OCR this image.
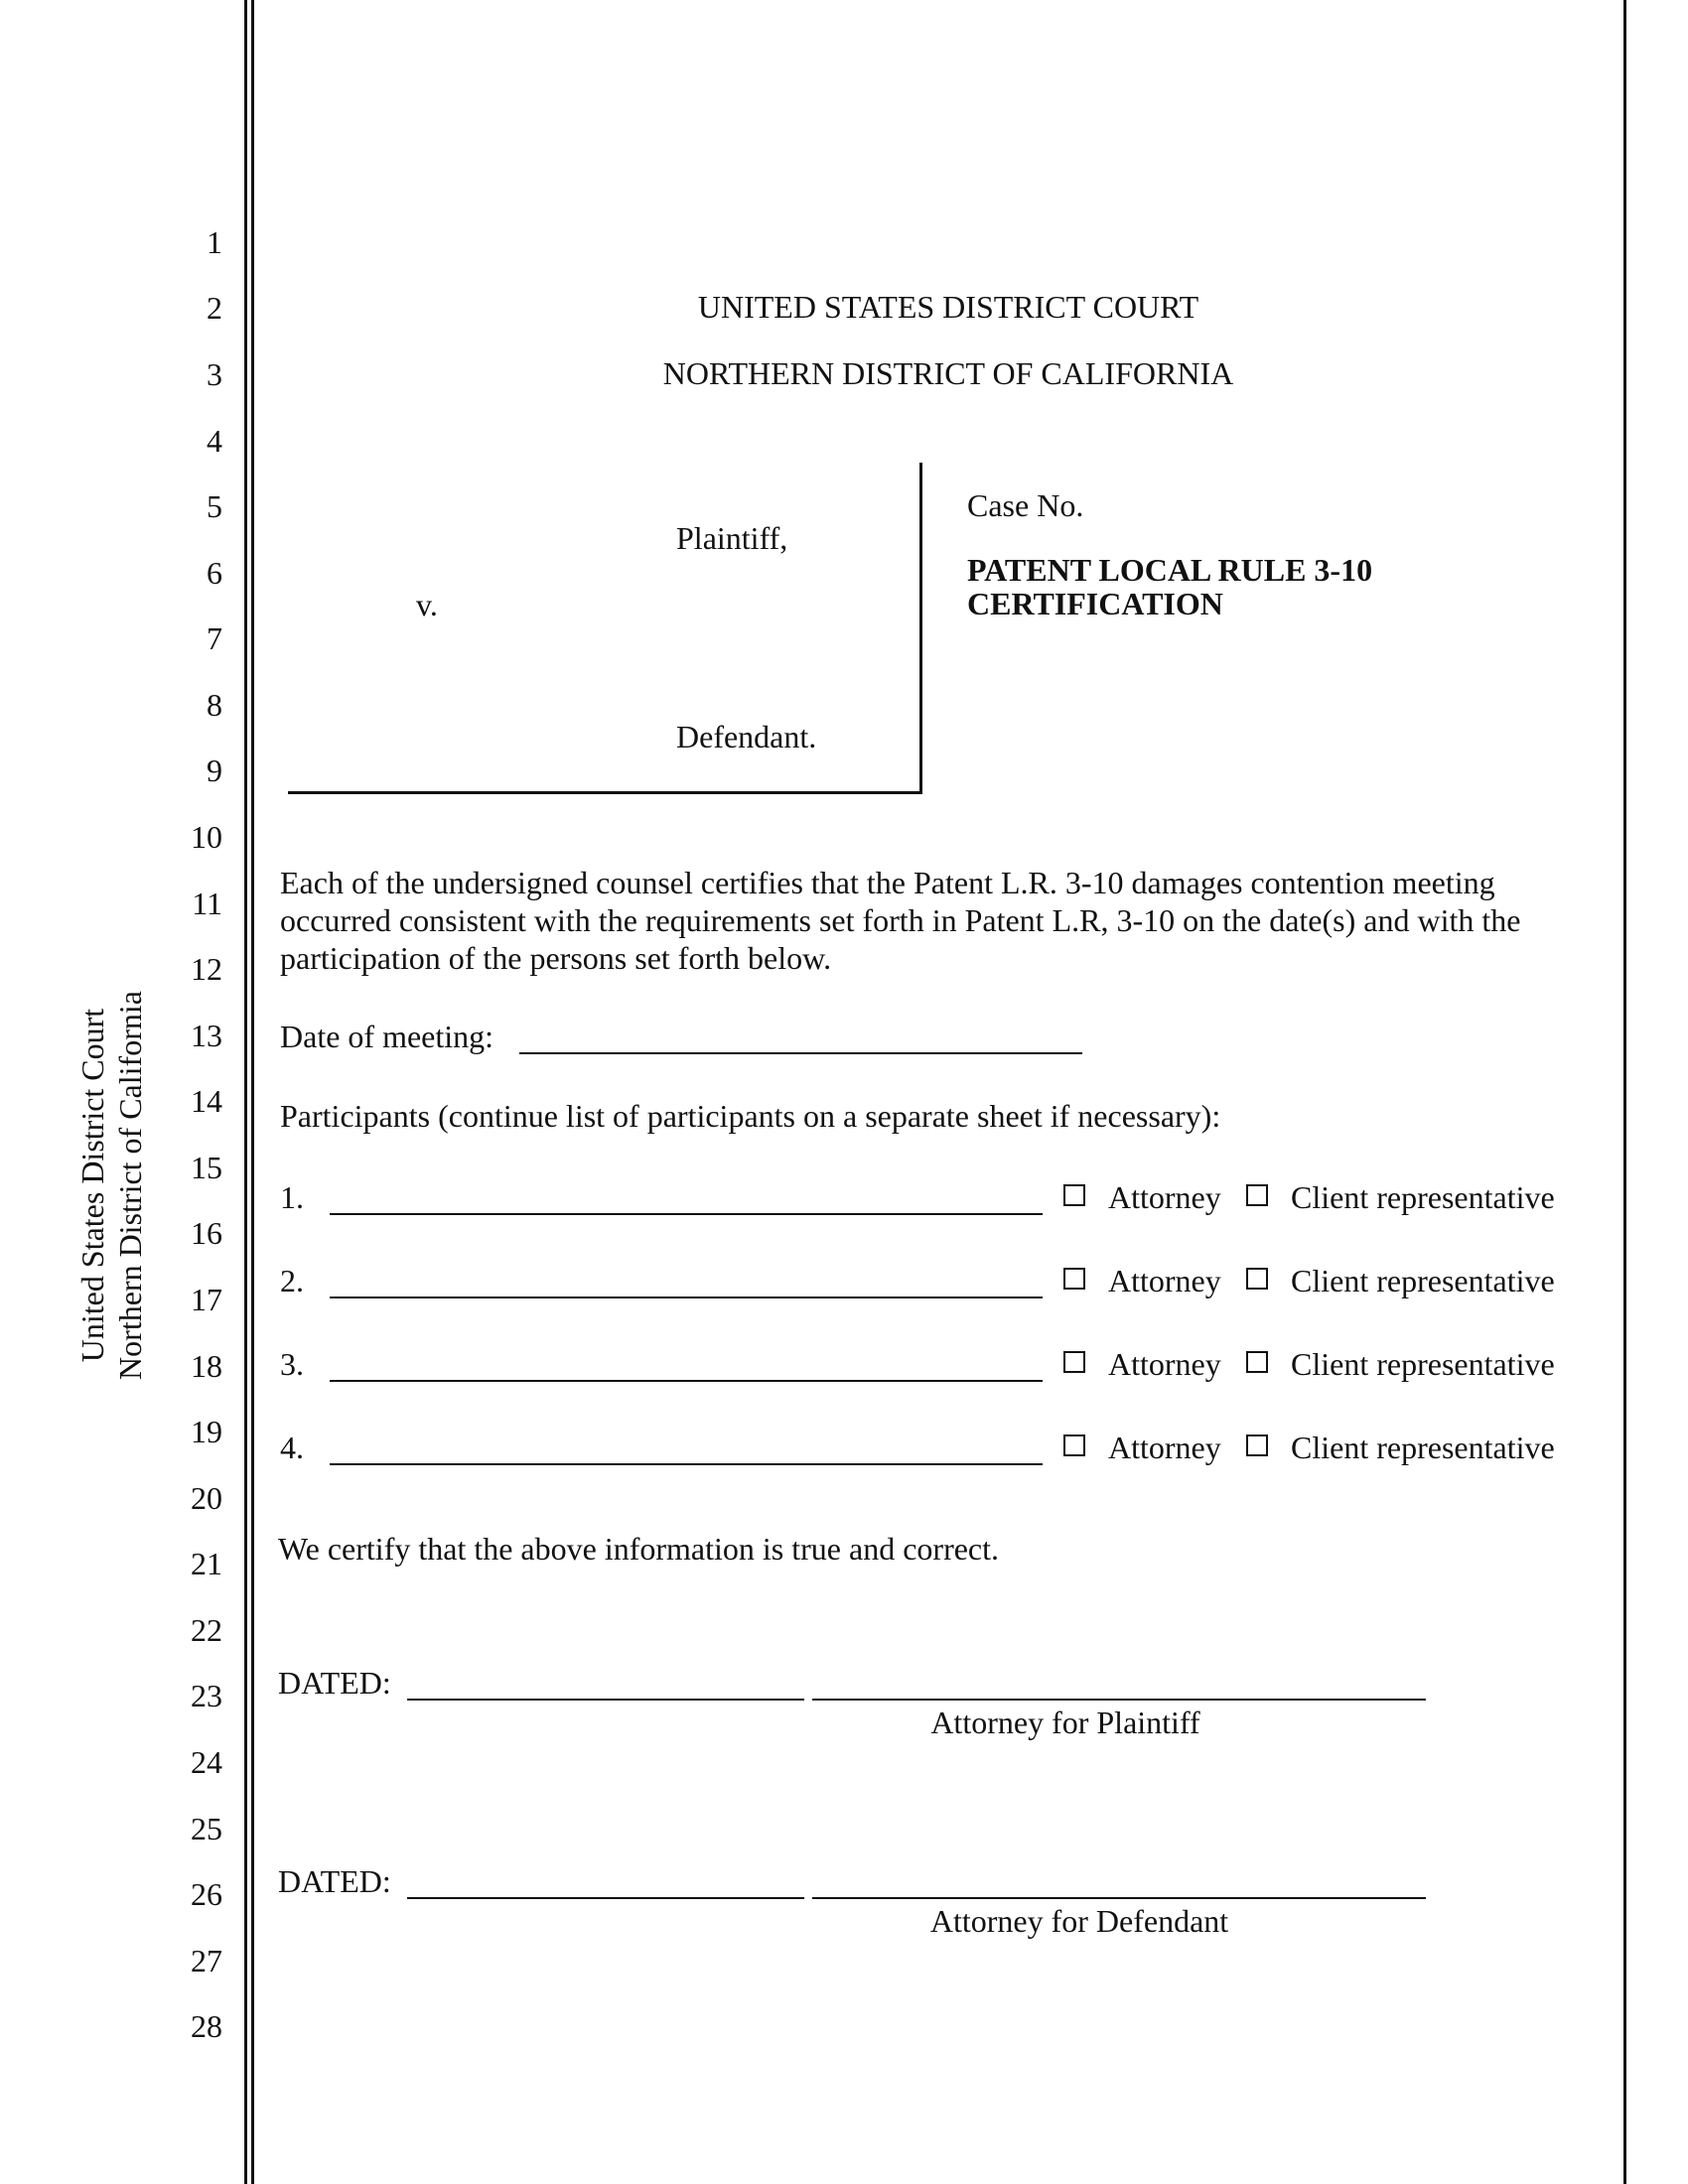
United States District Court Northern District of California
1
2
3
4
5
6
7
8
9
10
11
12
13
14
15
16
17
18
19
20
21
22
23
24
25
26
27
28
UNITED STATES DISTRICT COURT
NORTHERN DISTRICT OF CALIFORNIA
Plaintiff,
v.
Defendant.
Case No.
PATENT LOCAL RULE 3-10
CERTIFICATION
Each of the undersigned counsel certifies that the Patent L.R. 3-10 damages contention meeting
occurred consistent with the requirements set forth in Patent L.R, 3-10 on the date(s) and with the
participation of the persons set forth below.
Date of meeting:
Participants (continue list of participants on a separate sheet if necessary):
1.	Attorney Client representative
2.	Attorney Client representative
3.	Attorney Client representative
4.	Attorney Client representative
We certify that the above information is true and correct.
DATED:
Attorney for Plaintiff
DATED:
Attorney for Defendant
